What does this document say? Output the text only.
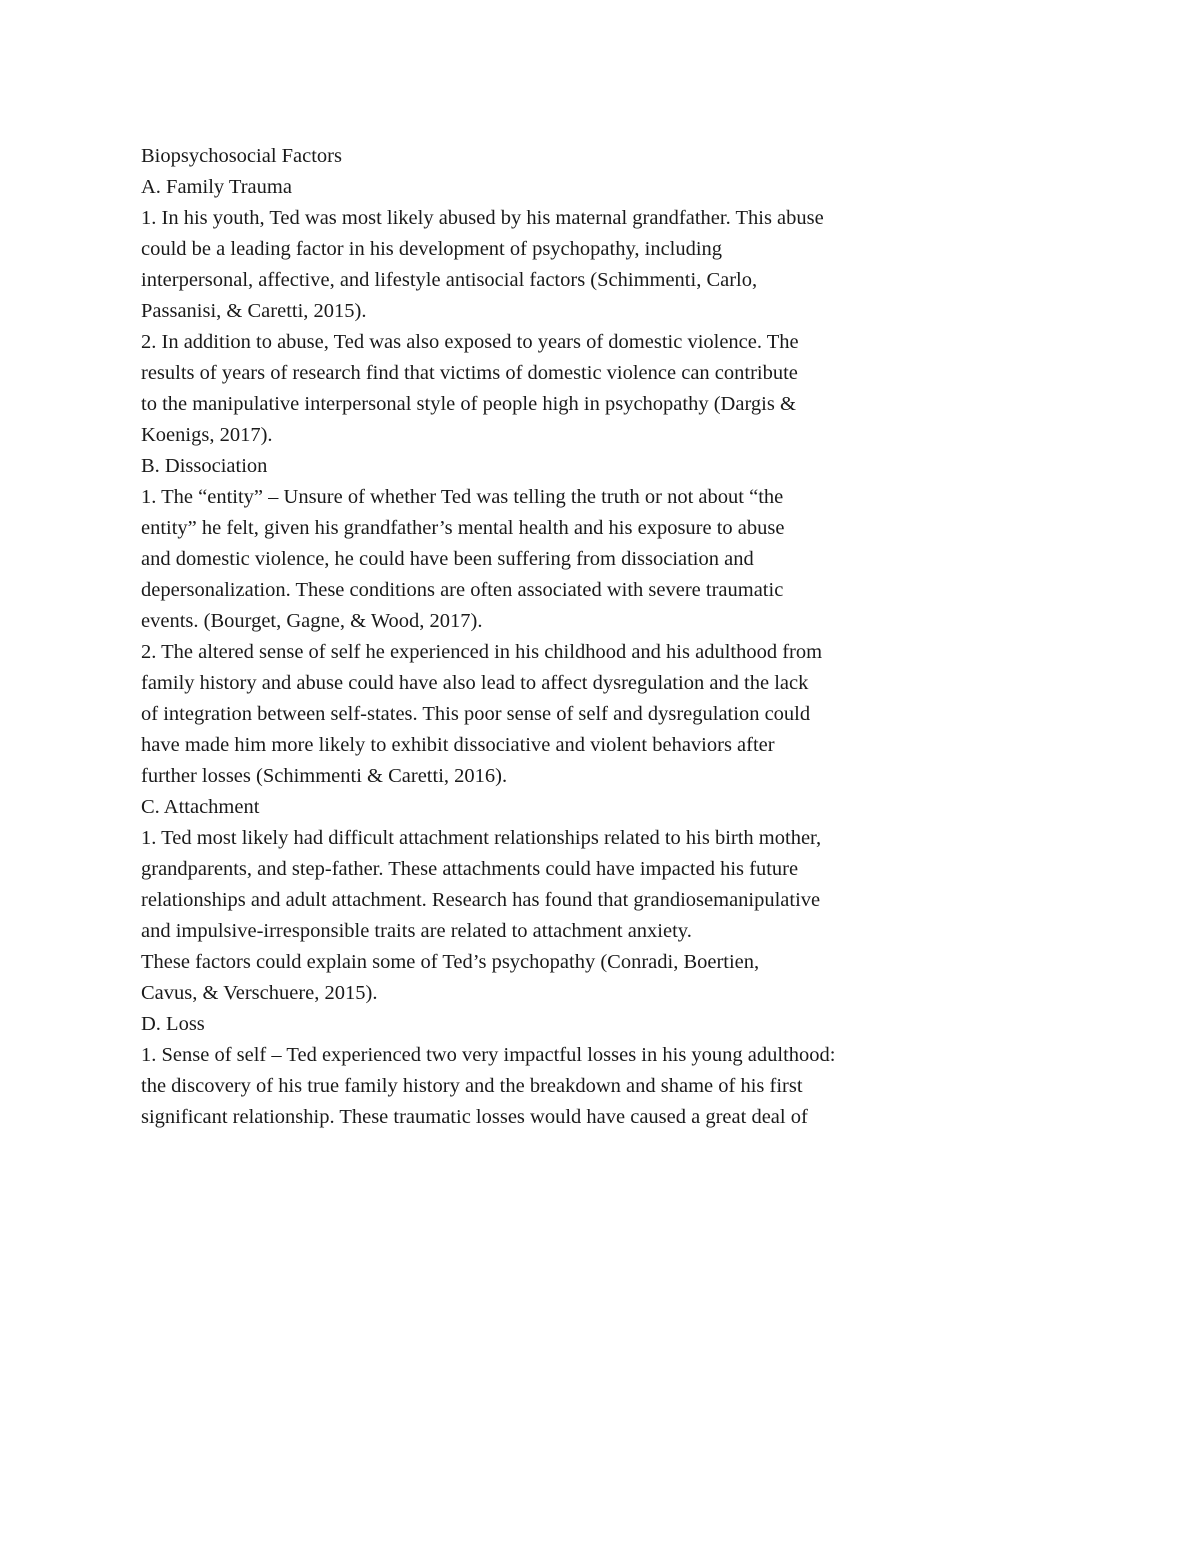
Biopsychosocial Factors

A. Family Trauma

1. In his youth, Ted was most likely abused by his maternal grandfather. This abuse

could be a leading factor in his development of psychopathy, including

interpersonal, affective, and lifestyle antisocial factors (Schimmenti, Carlo,

Passanisi, & Caretti, 2015).

2. In addition to abuse, Ted was also exposed to years of domestic violence. The

results of years of research find that victims of domestic violence can contribute

to the manipulative interpersonal style of people high in psychopathy (Dargis &

Koenigs, 2017).

B. Dissociation

1. The “entity” – Unsure of whether Ted was telling the truth or not about “the

entity” he felt, given his grandfather’s mental health and his exposure to abuse

and domestic violence, he could have been suffering from dissociation and

depersonalization. These conditions are often associated with severe traumatic

events. (Bourget, Gagne, & Wood, 2017).

2. The altered sense of self he experienced in his childhood and his adulthood from

family history and abuse could have also lead to affect dysregulation and the lack

of integration between self-states. This poor sense of self and dysregulation could

have made him more likely to exhibit dissociative and violent behaviors after

further losses (Schimmenti & Caretti, 2016).

C. Attachment

1. Ted most likely had difficult attachment relationships related to his birth mother,

grandparents, and step-father. These attachments could have impacted his future

relationships and adult attachment. Research has found that grandiosemanipulative

and impulsive-irresponsible traits are related to attachment anxiety.

These factors could explain some of Ted’s psychopathy (Conradi, Boertien,

Cavus, & Verschuere, 2015).

D. Loss

1. Sense of self – Ted experienced two very impactful losses in his young adulthood:

the discovery of his true family history and the breakdown and shame of his first

significant relationship. These traumatic losses would have caused a great deal of
